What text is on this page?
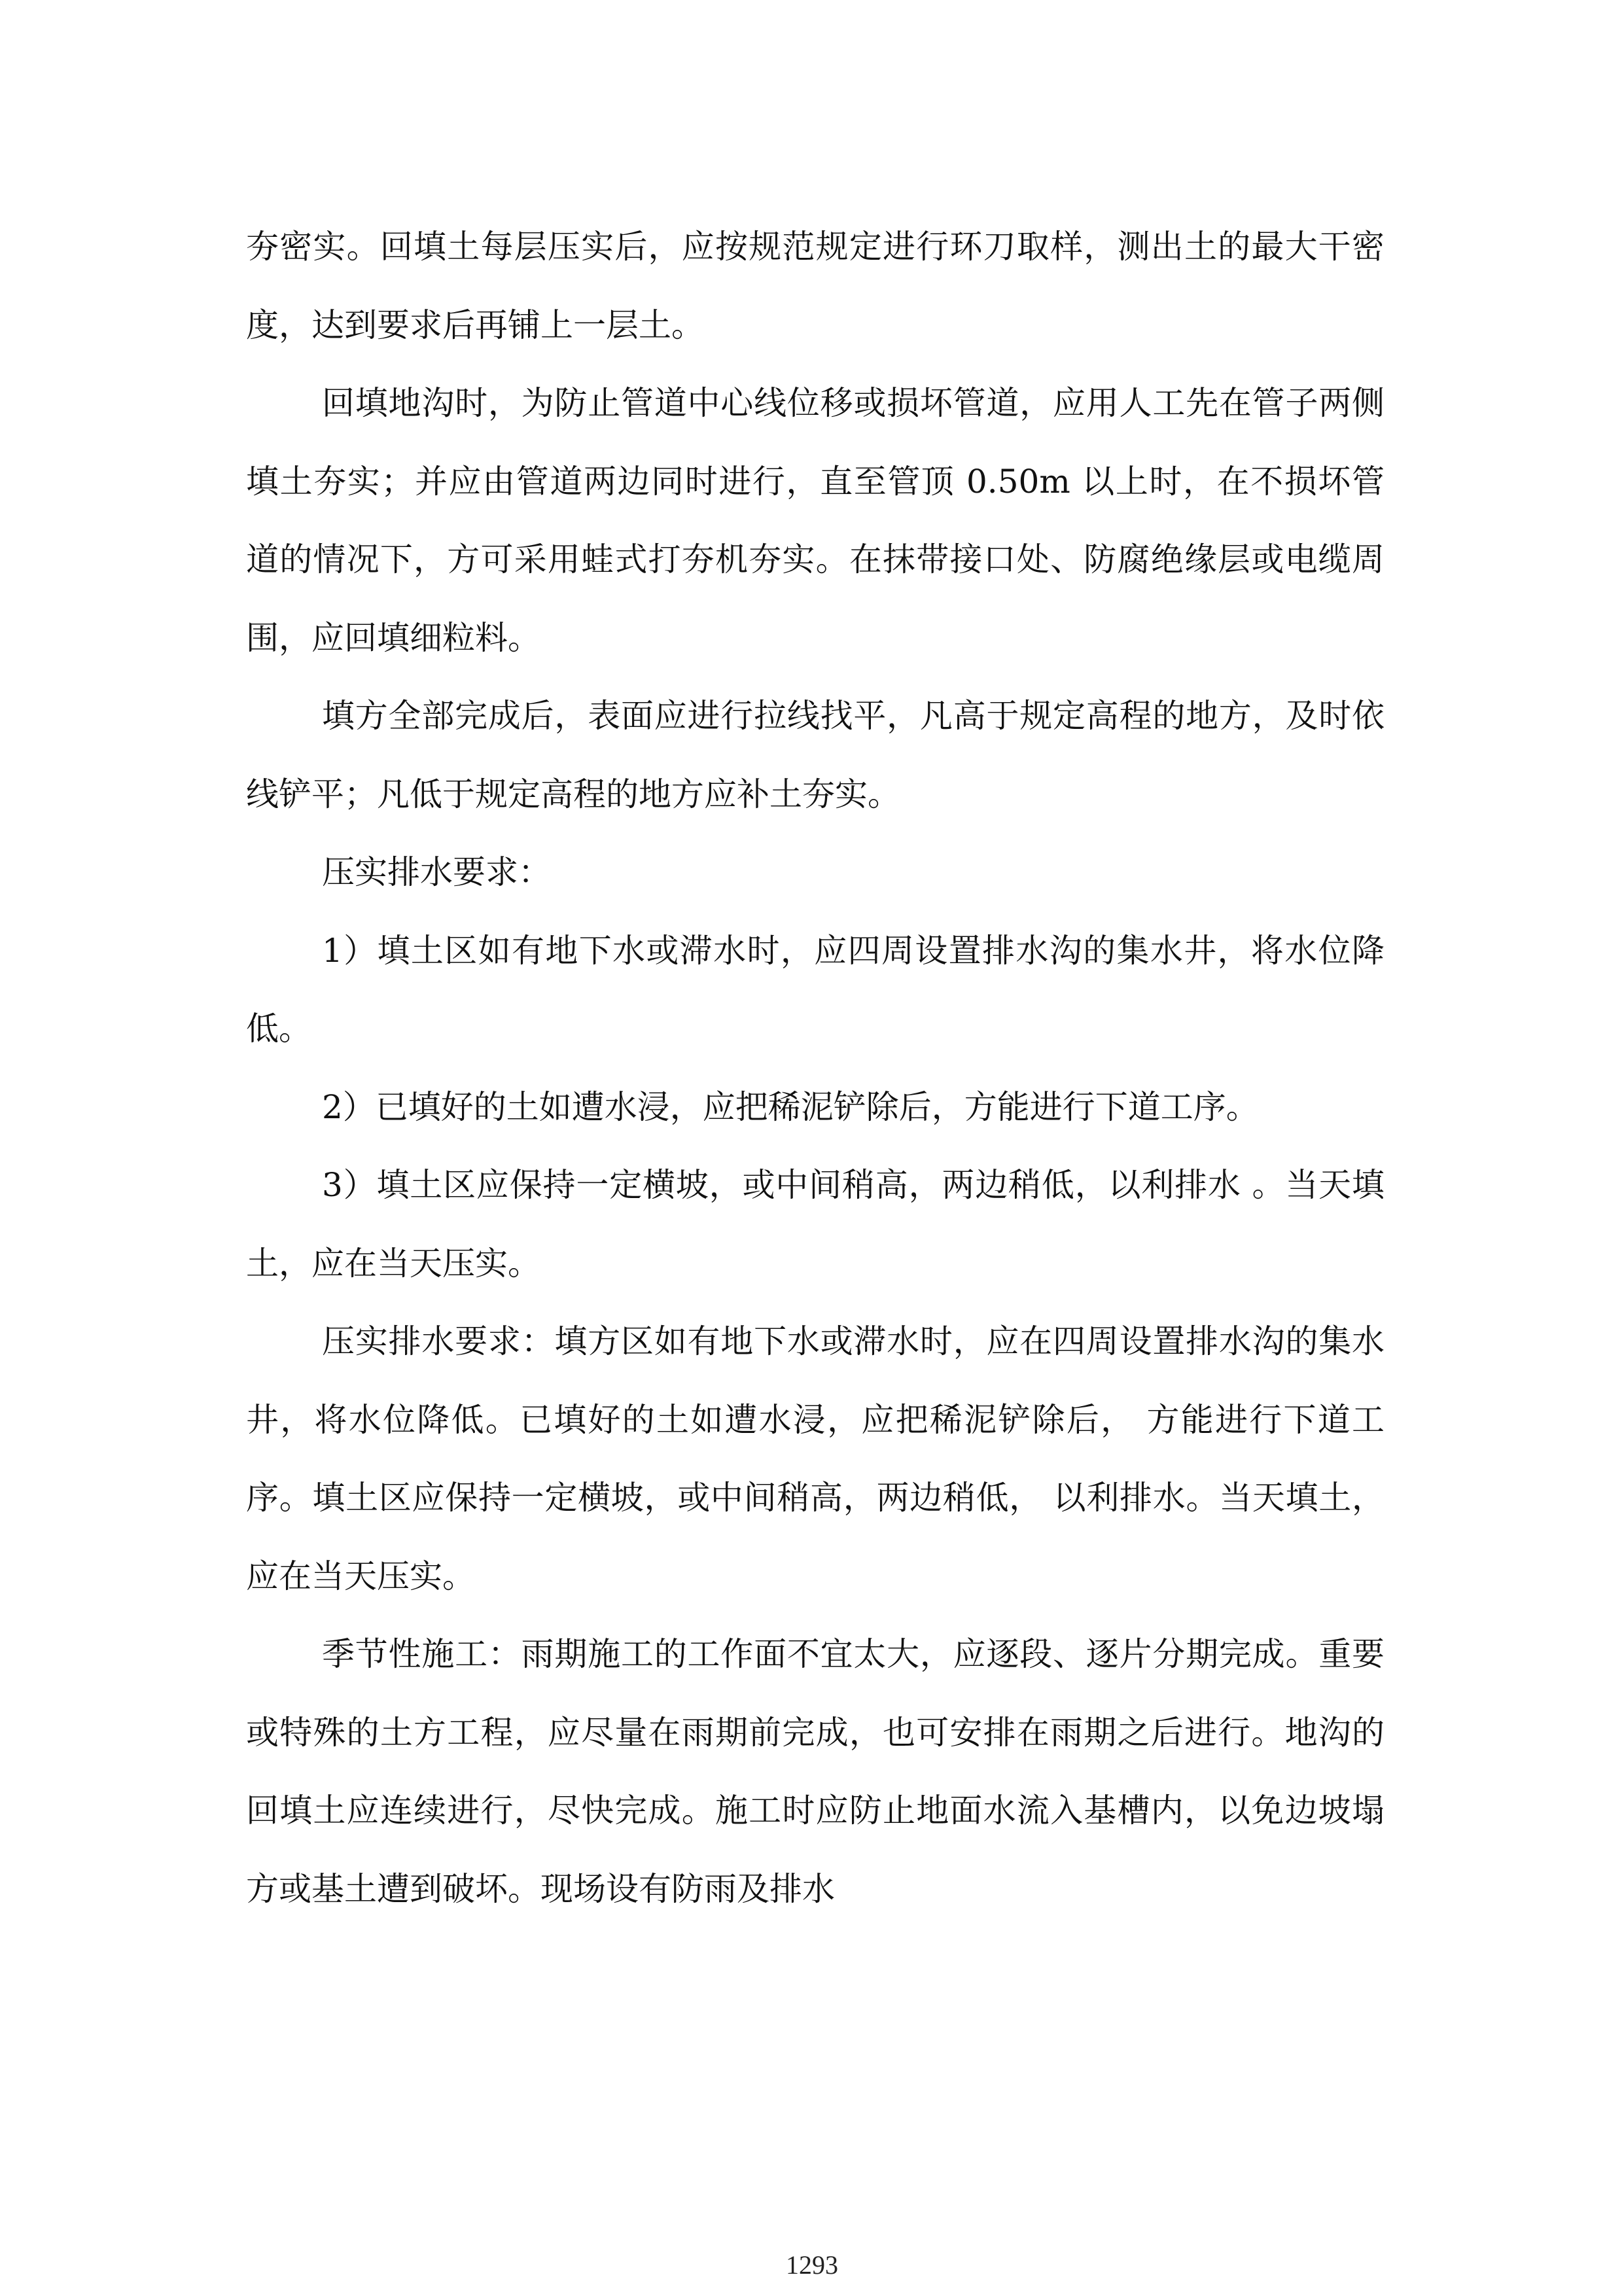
夯密实。回填土每层压实后，应按规范规定进行环刀取样，测出土的最大干密度，达到要求后再铺上一层土。

回填地沟时，为防止管道中心线位移或损坏管道，应用人工先在管子两侧填土夯实；并应由管道两边同时进行，直至管顶 0.50m 以上时，在不损坏管道的情况下，方可采用蛙式打夯机夯实。在抹带接口处、防腐绝缘层或电缆周围，应回填细粒料。

填方全部完成后，表面应进行拉线找平，凡高于规定高程的地方，及时依线铲平；凡低于规定高程的地方应补土夯实。

压实排水要求：

1）填土区如有地下水或滞水时，应四周设置排水沟的集水井，将水位降低。

2）已填好的土如遭水浸，应把稀泥铲除后，方能进行下道工序。

3）填土区应保持一定横坡，或中间稍高，两边稍低，以利排水 。当天填土，应在当天压实。

压实排水要求：填方区如有地下水或滞水时，应在四周设置排水沟的集水井，将水位降低。已填好的土如遭水浸，应把稀泥铲除后， 方能进行下道工序。填土区应保持一定横坡，或中间稍高，两边稍低， 以利排水。当天填土，应在当天压实。

季节性施工：雨期施工的工作面不宜太大，应逐段、逐片分期完成。重要或特殊的土方工程，应尽量在雨期前完成，也可安排在雨期之后进行。地沟的回填土应连续进行，尽快完成。施工时应防止地面水流入基槽内，以免边坡塌方或基土遭到破坏。现场设有防雨及排水

1293
